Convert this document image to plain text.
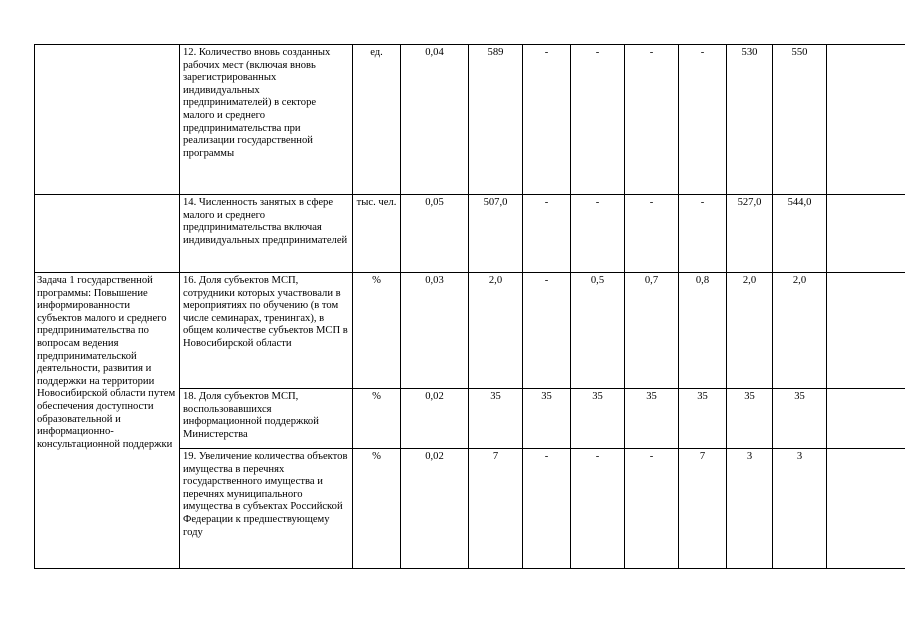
	12. Количество вновь созданных рабочих мест (включая вновь зарегистрированных индивидуальных предпринимателей) в секторе малого и среднего предпринимательства при реализации государственной программы	ед.	0,04	589	-	-	-	-	530	550	
	14. Численность занятых в сфере малого и среднего предпринимательства включая индивидуальных предпринимателей	тыс. чел.	0,05	507,0	-	-	-	-	527,0	544,0	
Задача 1 государственной программы: Повышение информированности субъектов малого и среднего предпринимательства по вопросам ведения предпринимательской деятельности, развития и поддержки на территории Новосибирской области путем обеспечения доступности образовательной и информационно-консультационной поддержки	16. Доля субъектов МСП, сотрудники которых участвовали в мероприятиях по обучению (в том числе семинарах, тренингах), в общем количестве субъектов МСП в Новосибирской области	%	0,03	2,0	-	0,5	0,7	0,8	2,0	2,0	
	18. Доля субъектов МСП, воспользовавшихся информационной поддержкой Министерства	%	0,02	35	35	35	35	35	35	35	
	19. Увеличение количества объектов имущества в перечнях государственного имущества и перечнях муниципального имущества в субъектах Российской Федерации к предшествующему году	%	0,02	7	-	-	-	7	3	3	
